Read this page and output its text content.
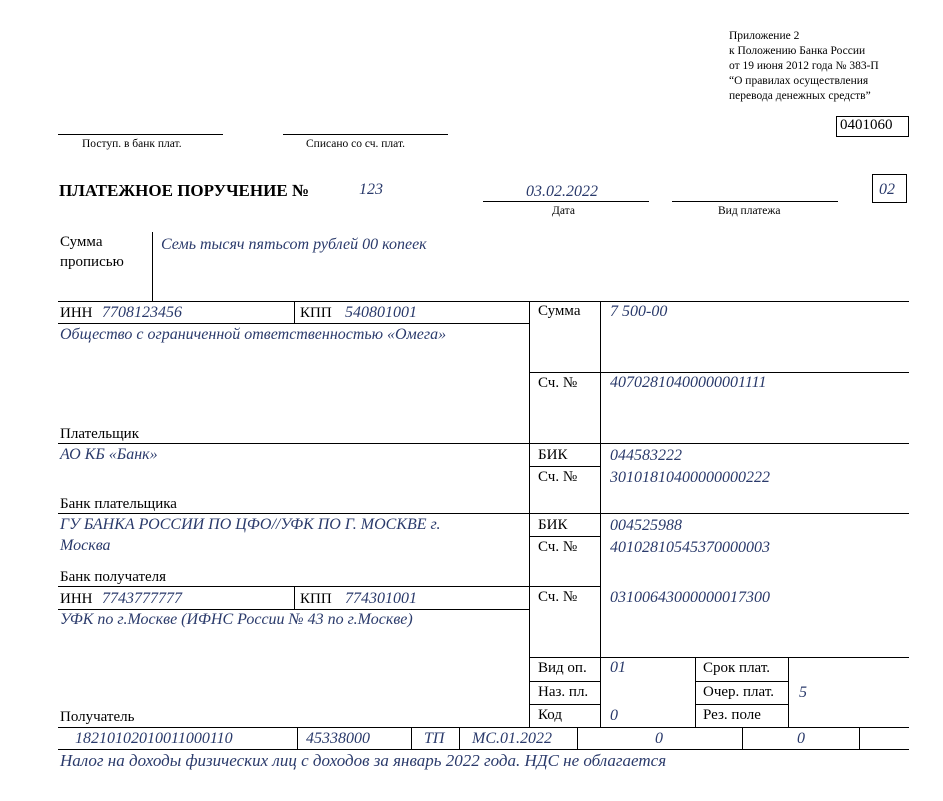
Приложение 2
к Положению Банка России
от 19 июня 2012 года № 383-П
“О правилах осуществления
перевода денежных средств”
0401060
Поступ. в банк плат.	Списано со сч. плат.
ПЛАТЕЖНОЕ ПОРУЧЕНИЕ №	123	03.02.2022
Дата	Вид платежа
02
Сумма
прописью
Семь тысяч пятьсот рублей 00 копеек
ИНН 7708123456	КПП 540801001
Общество с ограниченной ответственностью «Омега»
Плательщик
Сумма 7 500-00
Сч. № 40702810400000001111
АО КБ «Банк»
Банк плательщика
БИК	044583222
Сч. № 30101810400000000222
ГУ БАНКА РОССИИ ПО ЦФО//УФК ПО Г. МОСКВЕ г.
Москва
Банк получателя
БИК	004525988
Сч. № 40102810545370000003
ИНН 7743777777	КПП 774301001
УФК по г.Москве (ИФНС России № 43 по г.Москве)
Получатель
Сч. № 03100643000000017300
Вид оп. 01
Наз. пл.
Код	0
Срок плат.
Очер. плат. 5
Рез. поле
18210102010011000110	45338000	ТП МС.01.2022	0	0
Налог на доходы физических лиц с доходов за январь 2022 года. НДС не облагается
